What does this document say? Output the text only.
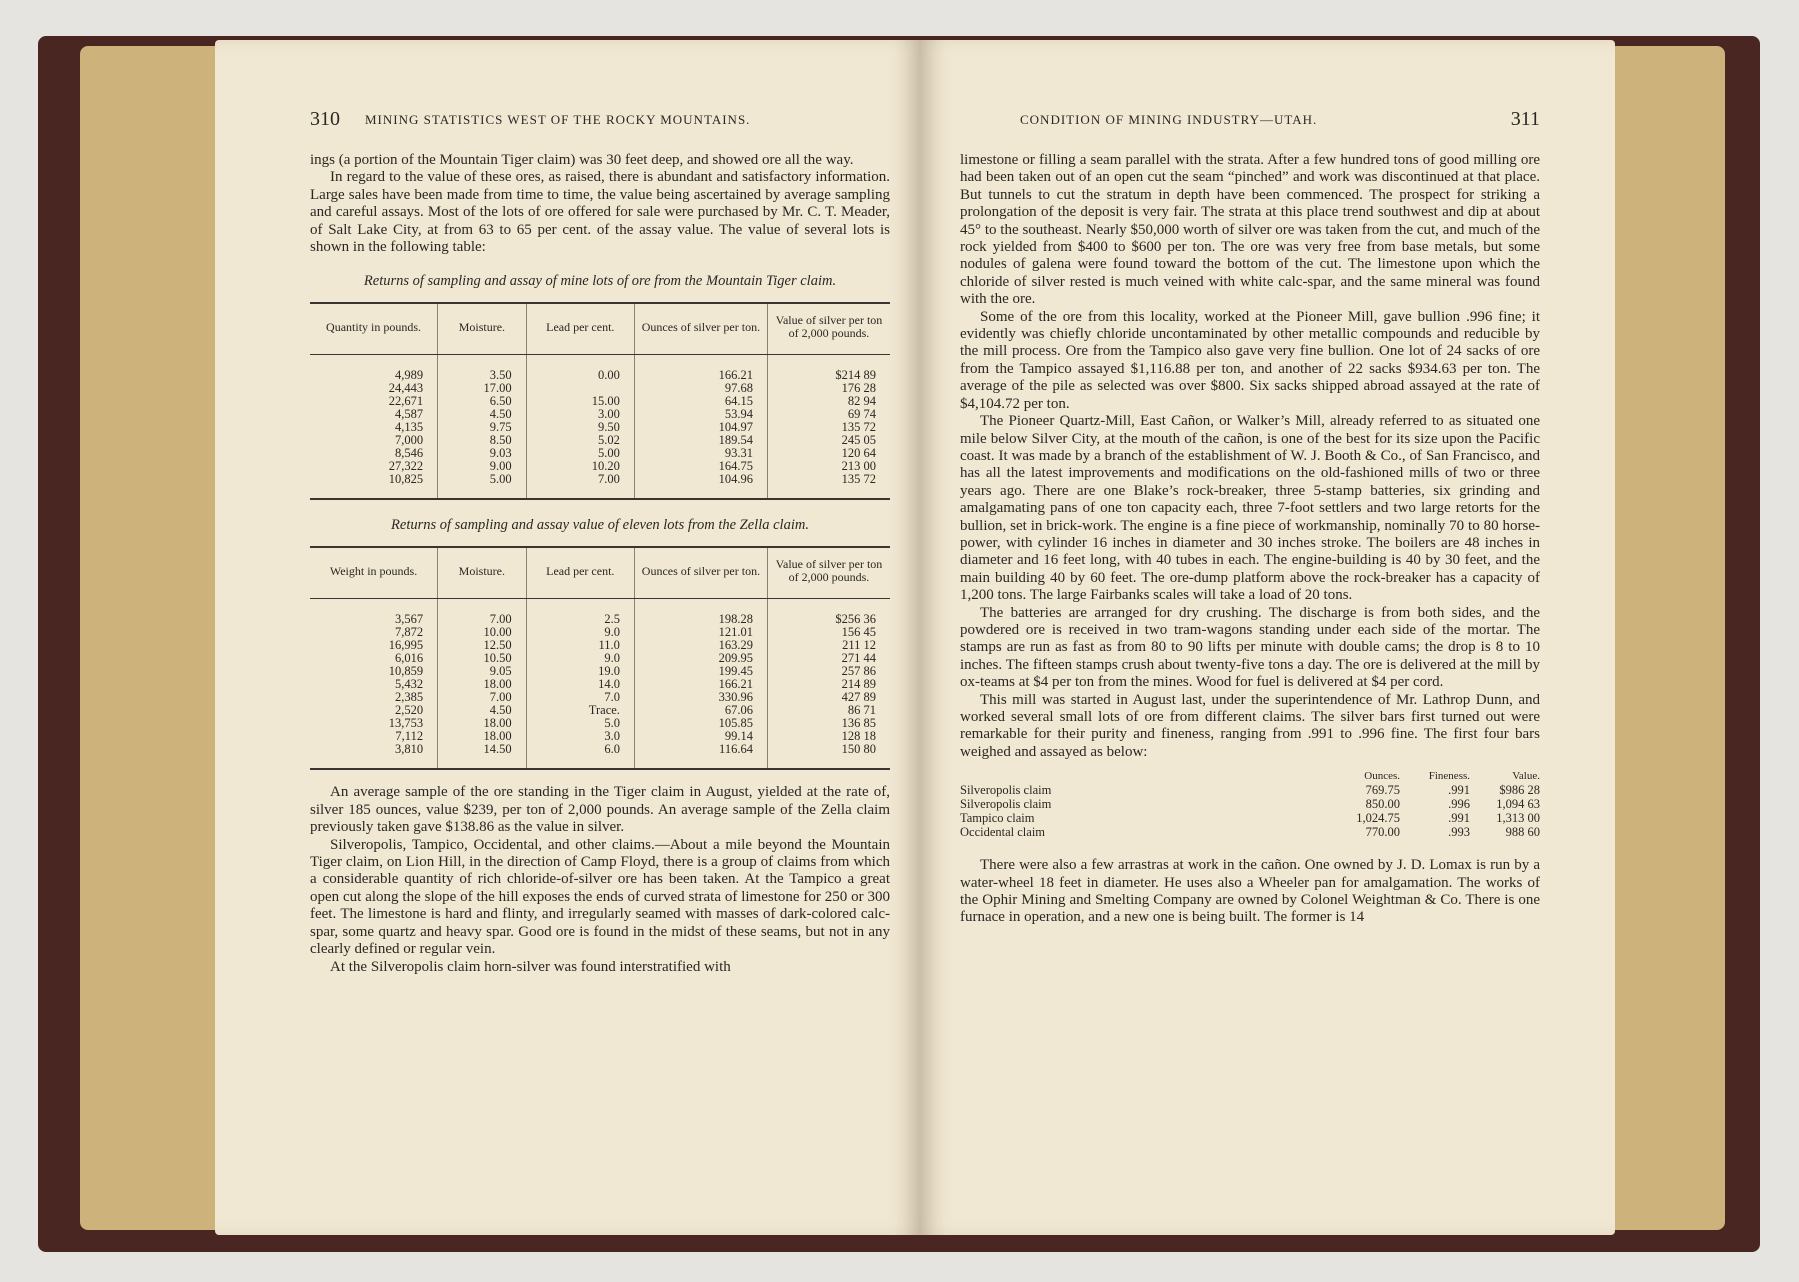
310 MINING STATISTICS WEST OF THE ROCKY MOUNTAINS.

ings (a portion of the Mountain Tiger claim) was 30 feet deep, and showed ore all the way.

In regard to the value of these ores, as raised, there is abundant and satisfactory information. Large sales have been made from time to time, the value being ascertained by average sampling and careful assays. Most of the lots of ore offered for sale were purchased by Mr. C. T. Meader, of Salt Lake City, at from 63 to 65 per cent. of the assay value. The value of several lots is shown in the following table:

Returns of sampling and assay of mine lots of ore from the Mountain Tiger claim.
Quantity in pounds.	Moisture.	Lead per cent.	Ounces of silver per ton.	Value of silver per ton of 2,000 pounds.
4,989	3.50	0.00	166.21	$214 89
24,443	17.00		97.68	176 28
22,671	6.50	15.00	64.15	82 94
4,587	4.50	3.00	53.94	69 74
4,135	9.75	9.50	104.97	135 72
7,000	8.50	5.02	189.54	245 05
8,546	9.03	5.00	93.31	120 64
27,322	9.00	10.20	164.75	213 00
10,825	5.00	7.00	104.96	135 72
Returns of sampling and assay value of eleven lots from the Zella claim.
Weight in pounds.	Moisture.	Lead per cent.	Ounces of silver per ton.	Value of silver per ton of 2,000 pounds.
3,567	7.00	2.5	198.28	$256 36
7,872	10.00	9.0	121.01	156 45
16,995	12.50	11.0	163.29	211 12
6,016	10.50	9.0	209.95	271 44
10,859	9.05	19.0	199.45	257 86
5,432	18.00	14.0	166.21	214 89
2,385	7.00	7.0	330.96	427 89
2,520	4.50	Trace.	67.06	86 71
13,753	18.00	5.0	105.85	136 85
7,112	18.00	3.0	99.14	128 18
3,810	14.50	6.0	116.64	150 80

An average sample of the ore standing in the Tiger claim in August, yielded at the rate of, silver 185 ounces, value $239, per ton of 2,000 pounds. An average sample of the Zella claim previously taken gave $138.86 as the value in silver.

Silveropolis, Tampico, Occidental, and other claims.—About a mile beyond the Mountain Tiger claim, on Lion Hill, in the direction of Camp Floyd, there is a group of claims from which a considerable quantity of rich chloride-of-silver ore has been taken. At the Tampico a great open cut along the slope of the hill exposes the ends of curved strata of limestone for 250 or 300 feet. The limestone is hard and flinty, and irregularly seamed with masses of dark-colored calc-spar, some quartz and heavy spar. Good ore is found in the midst of these seams, but not in any clearly defined or regular vein.

At the Silveropolis claim horn-silver was found interstratified with

CONDITION OF MINING INDUSTRY—UTAH.	311

limestone or filling a seam parallel with the strata. After a few hundred tons of good milling ore had been taken out of an open cut the seam “pinched” and work was discontinued at that place. But tunnels to cut the stratum in depth have been commenced. The prospect for striking a prolongation of the deposit is very fair. The strata at this place trend southwest and dip at about 45° to the southeast. Nearly $50,000 worth of silver ore was taken from the cut, and much of the rock yielded from $400 to $600 per ton. The ore was very free from base metals, but some nodules of galena were found toward the bottom of the cut. The limestone upon which the chloride of silver rested is much veined with white calc-spar, and the same mineral was found with the ore.

Some of the ore from this locality, worked at the Pioneer Mill, gave bullion .996 fine; it evidently was chiefly chloride uncontaminated by other metallic compounds and reducible by the mill process. Ore from the Tampico also gave very fine bullion. One lot of 24 sacks of ore from the Tampico assayed $1,116.88 per ton, and another of 22 sacks $934.63 per ton. The average of the pile as selected was over $800. Six sacks shipped abroad assayed at the rate of $4,104.72 per ton.

The Pioneer Quartz-Mill, East Cañon, or Walker’s Mill, already referred to as situated one mile below Silver City, at the mouth of the cañon, is one of the best for its size upon the Pacific coast. It was made by a branch of the establishment of W. J. Booth & Co., of San Francisco, and has all the latest improvements and modifications on the old-fashioned mills of two or three years ago. There are one Blake’s rock-breaker, three 5-stamp batteries, six grinding and amalgamating pans of one ton capacity each, three 7-foot settlers and two large retorts for the bullion, set in brick-work. The engine is a fine piece of workmanship, nominally 70 to 80 horse-power, with cylinder 16 inches in diameter and 30 inches stroke. The boilers are 48 inches in diameter and 16 feet long, with 40 tubes in each. The engine-building is 40 by 30 feet, and the main building 40 by 60 feet. The ore-dump platform above the rock-breaker has a capacity of 1,200 tons. The large Fairbanks scales will take a load of 20 tons.

The batteries are arranged for dry crushing. The discharge is from both sides, and the powdered ore is received in two tram-wagons standing under each side of the mortar. The stamps are run as fast as from 80 to 90 lifts per minute with double cams; the drop is 8 to 10 inches. The fifteen stamps crush about twenty-five tons a day. The ore is delivered at the mill by ox-teams at $4 per ton from the mines. Wood for fuel is delivered at $4 per cord.

This mill was started in August last, under the superintendence of Mr. Lathrop Dunn, and worked several small lots of ore from different claims. The silver bars first turned out were remarkable for their purity and fineness, ranging from .991 to .996 fine. The first four bars weighed and assayed as below:

Ounces.	Fineness.	Value.
Silveropolis claim	769.75	.991	$986 28
Silveropolis claim	850.00	.996	1,094 63
Tampico claim	1,024.75	.991	1,313 00
Occidental claim	770.00	.993	988 60

There were also a few arrastras at work in the cañon. One owned by J. D. Lomax is run by a water-wheel 18 feet in diameter. He uses also a Wheeler pan for amalgamation. The works of the Ophir Mining and Smelting Company are owned by Colonel Weightman & Co. There is one furnace in operation, and a new one is being built. The former is 14
